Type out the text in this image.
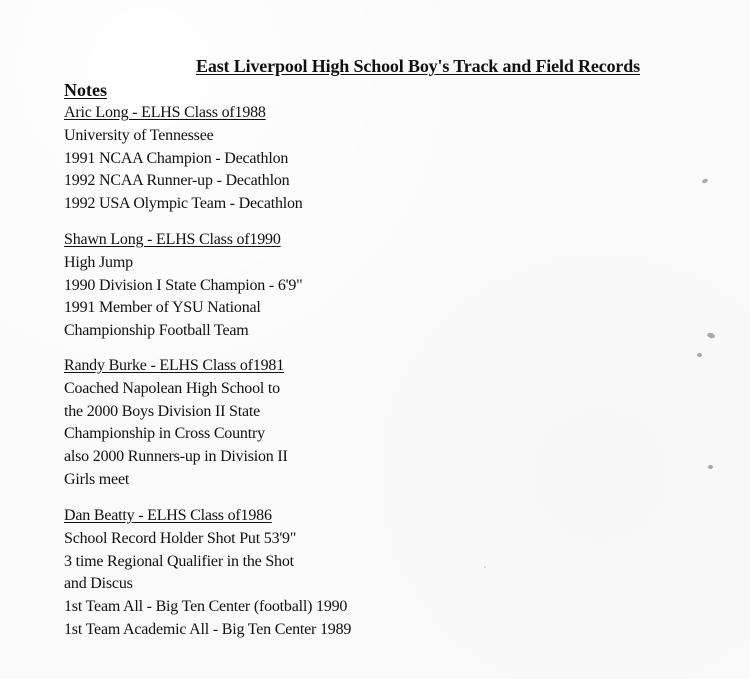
East Liverpool High School Boy's Track and Field Records
Notes
Aric Long - ELHS Class of1988
University of Tennessee
1991 NCAA Champion - Decathlon
1992 NCAA Runner-up - Decathlon
1992 USA Olympic Team - Decathlon
Shawn Long - ELHS Class of1990
High Jump
1990 Division I State Champion - 6'9"
1991 Member of YSU National
Championship Football Team
Randy Burke - ELHS Class of1981
Coached Napolean High School to
the 2000 Boys Division II State
Championship in Cross Country
also 2000 Runners-up in Division II
Girls meet
Dan Beatty - ELHS Class of1986
School Record Holder Shot Put 53'9"
3 time Regional Qualifier in the Shot
and Discus
1st Team All - Big Ten Center (football) 1990
1st Team Academic All - Big Ten Center 1989
